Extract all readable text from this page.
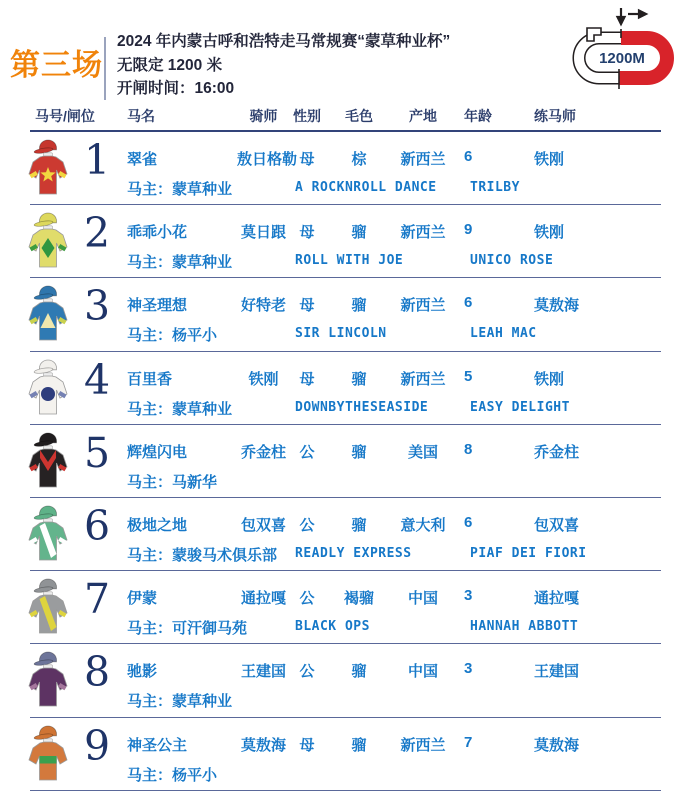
第三场
2024 年内蒙古呼和浩特走马常规赛“蒙草种业杯”
无限定 1200 米
开闸时间：16:00
1200M
马号/闸位	马名	骑师	性别	毛色	产地	年龄	练马师
1	翠雀	敖日格勒 母	棕	新西兰	6	铁刚
马主：蒙草种业	A ROCKNROLL DANCE	TRILBY
2	乖乖小花	莫日跟 母	骝	新西兰	9	铁刚
马主：蒙草种业	ROLL WITH JOE	UNICO ROSE
3	神圣理想	好特老 母	骝	新西兰	6	莫敖海
马主：杨平小	SIR LINCOLN	LEAH MAC
4	百里香	铁刚	母	骝	新西兰	5	铁刚
马主：蒙草种业	DOWNBYTHESEASIDE	EASY DELIGHT
5	辉煌闪电	乔金柱 公	骝	美国	8	乔金柱
马主：马新华
6	极地之地	包双喜 公	骝	意大利	6	包双喜
马主：蒙骏马术俱乐部	READLY EXPRESS	PIAF DEI FIORI
7	伊蒙	通拉嘎 公	褐骝	中国	3	通拉嘎
马主：可汗御马苑	BLACK OPS	HANNAH ABBOTT
8	驰影	王建国 公	骝	中国	3	王建国
马主：蒙草种业
9	神圣公主	莫敖海 母	骝	新西兰	7	莫敖海
马主：杨平小
